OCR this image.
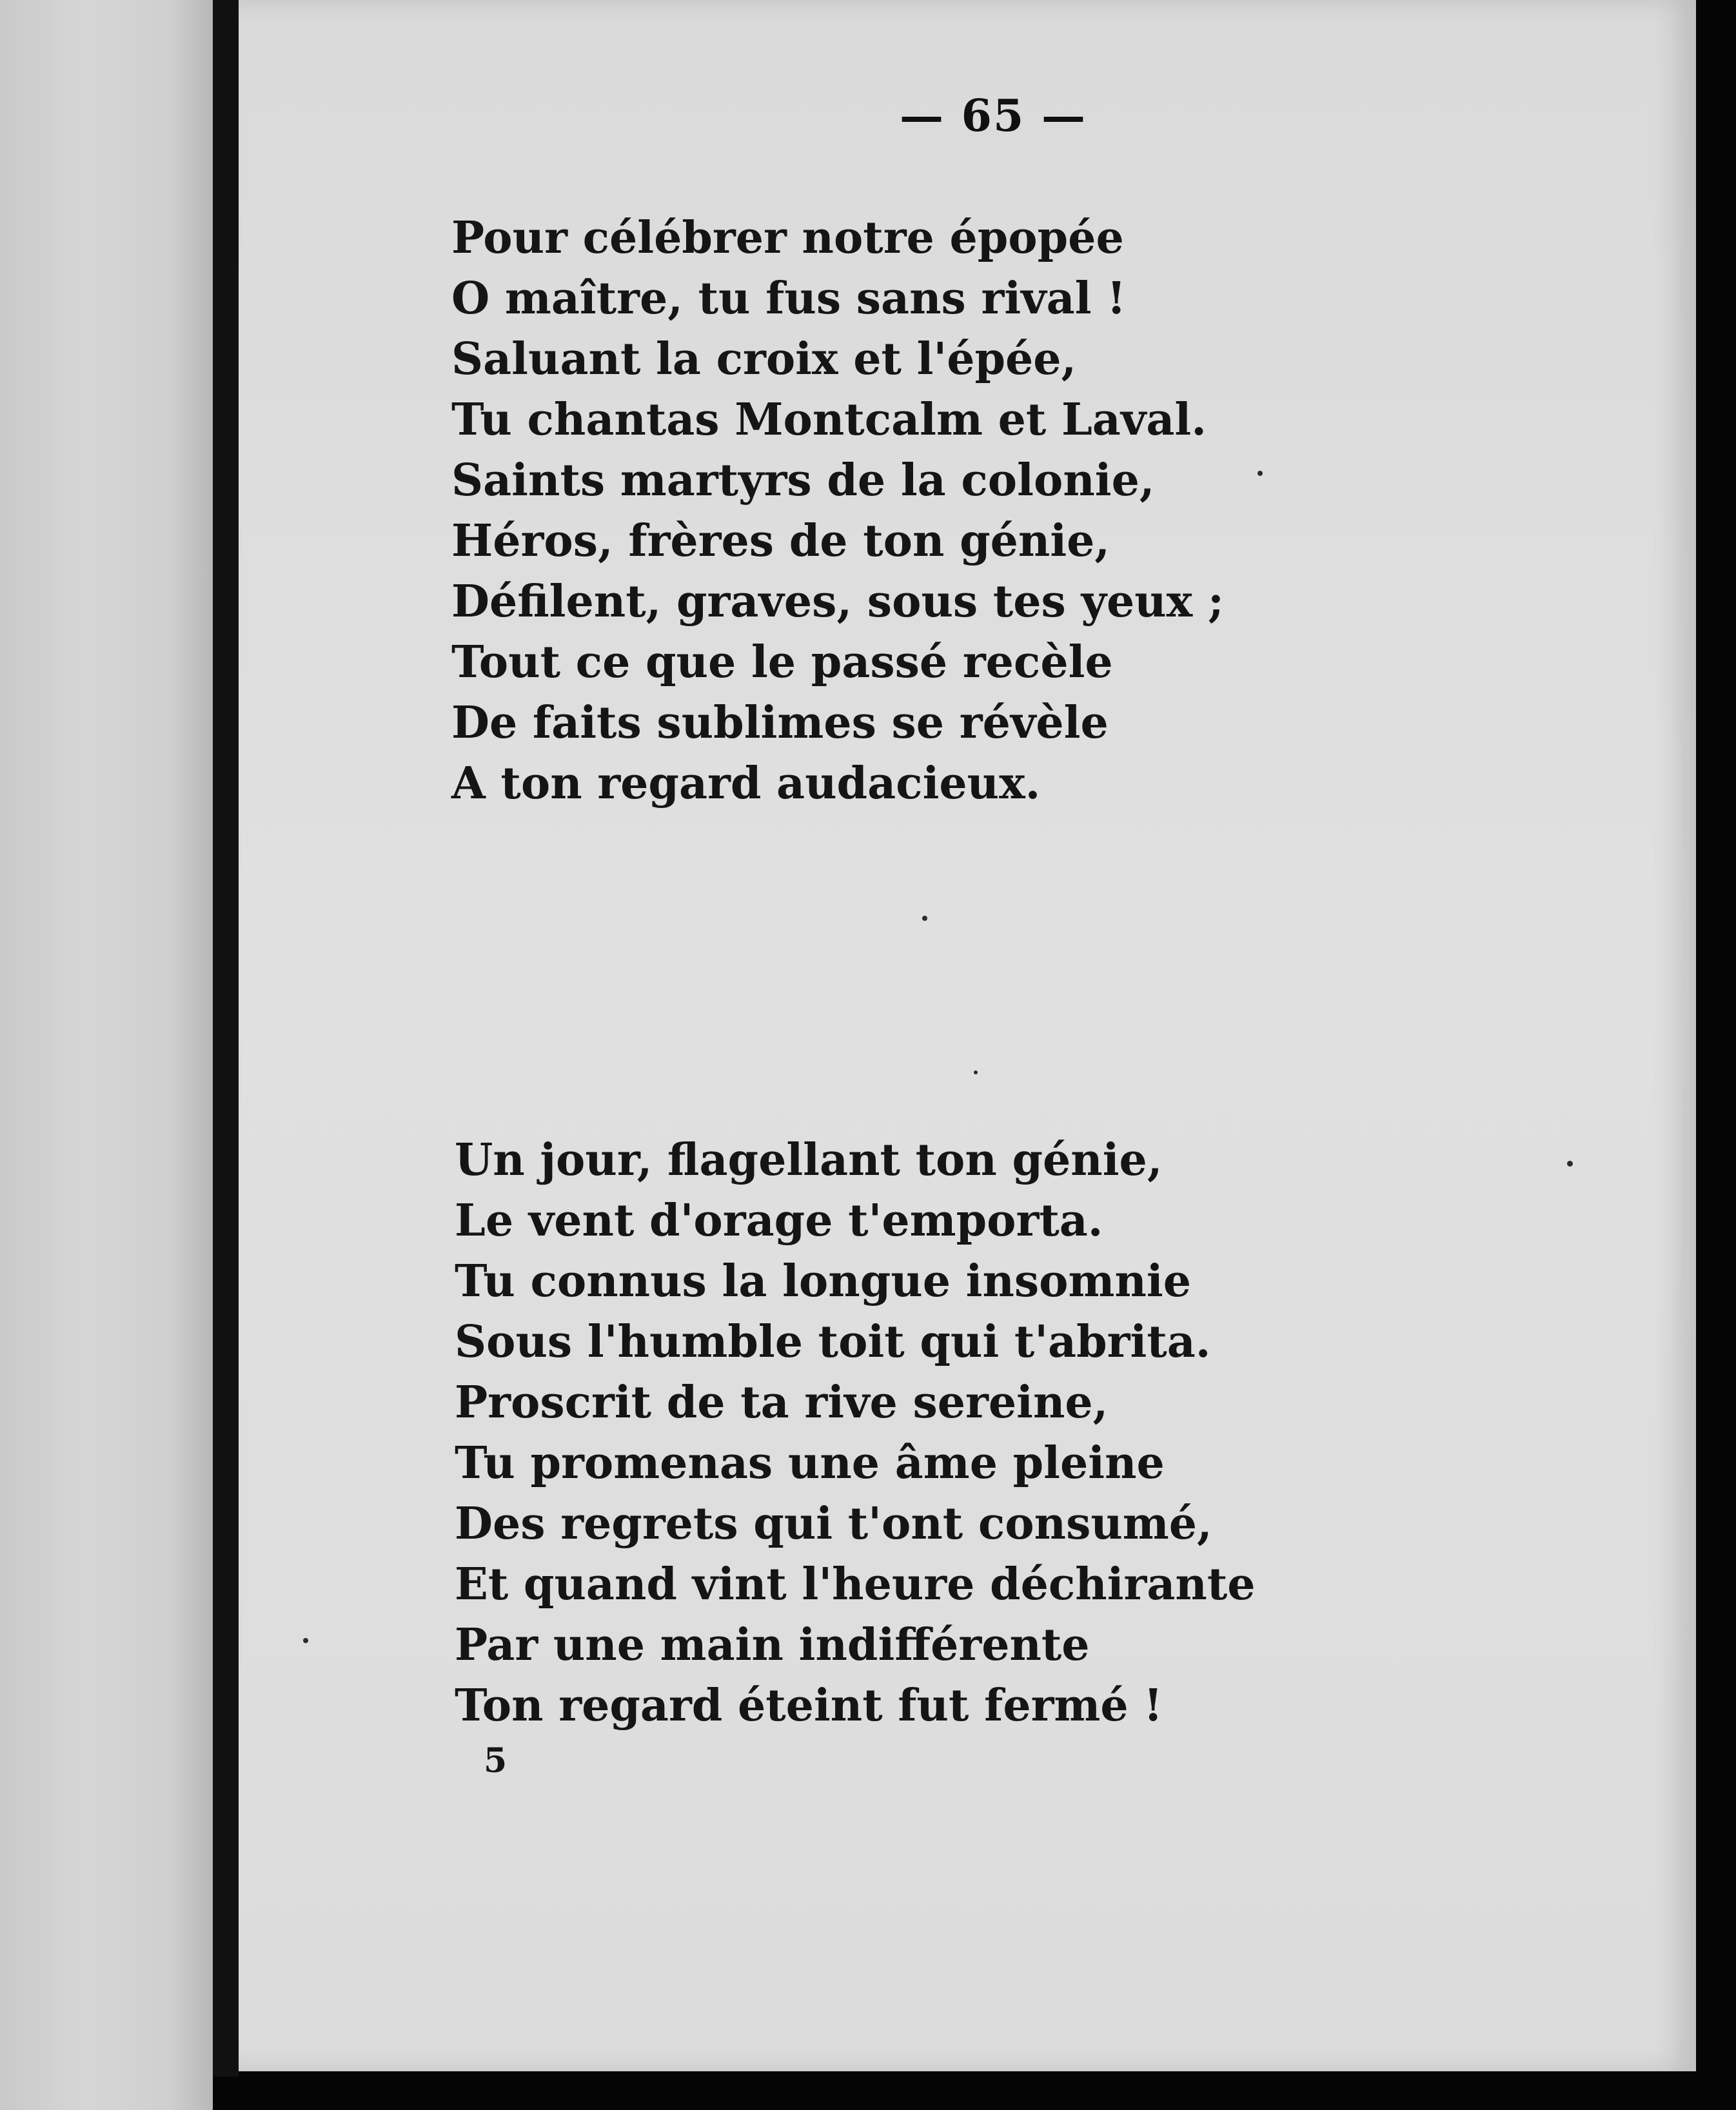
— 65 —
Pour célébrer notre épopée
O maître, tu fus sans rival !
Saluant la croix et l'épée,
Tu chantas Montcalm et Laval.
Saints martyrs de la colonie,
Héros, frères de ton génie,
Défilent, graves, sous tes yeux ;
Tout ce que le passé recèle
De faits sublimes se révèle
A ton regard audacieux.
Un jour, flagellant ton génie,
Le vent d'orage t'emporta.
Tu connus la longue insomnie
Sous l'humble toit qui t'abrita.
Proscrit de ta rive sereine,
Tu promenas une âme pleine
Des regrets qui t'ont consumé,
Et quand vint l'heure déchirante
Par une main indifférente
Ton regard éteint fut fermé !
5
